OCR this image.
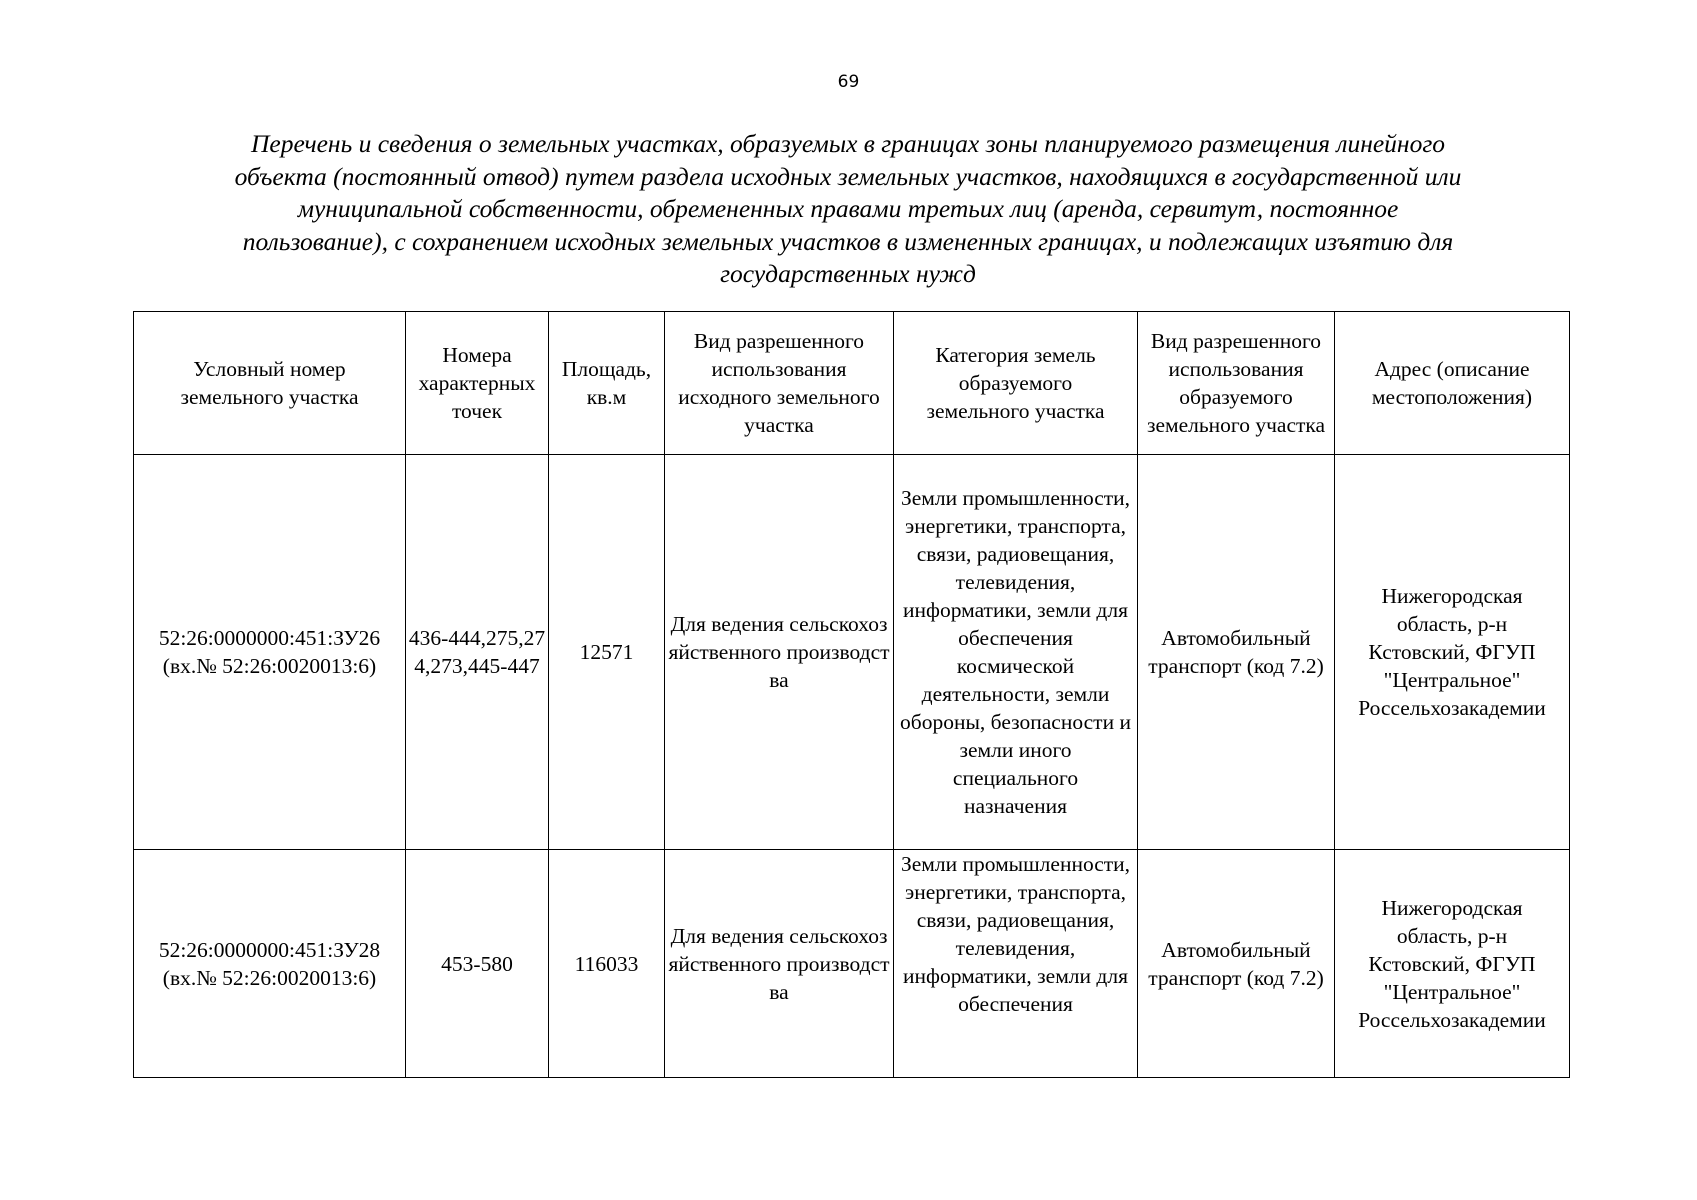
69
Перечень и сведения о земельных участках, образуемых в границах зоны планируемого размещения линейного
объекта (постоянный отвод) путем раздела исходных земельных участков, находящихся в государственной или
муниципальной собственности, обремененных правами третьих лиц (аренда, сервитут, постоянное
пользование), с сохранением исходных земельных участков в измененных границах, и подлежащих изъятию для
государственных нужд
Условный номер земельного участка	Номера характерных точек	Площадь, кв.м	Вид разрешенного использования исходного земельного участка	Категория земель образуемого земельного участка	Вид разрешенного использования образуемого земельного участка	Адрес (описание местоположения)

52:26:0000000:451:ЗУ26
(вх.№ 52:26:0020013:6)	436-444,275,274,273,445-447	12571	Для ведения сельскохозяйственного производства	Земли промышленности, энергетики, транспорта, связи, радиовещания, телевидения, информатики, земли для обеспечения космической деятельности, земли обороны, безопасности и земли иного специального назначения	Автомобильный транспорт (код 7.2)	Нижегородская область, р-н Кстовский, ФГУП "Центральное" Россельхозакадемии

52:26:0000000:451:ЗУ28
(вх.№ 52:26:0020013:6)	453-580	116033	Для ведения сельскохозяйственного производства	Земли промышленности, энергетики, транспорта, связи, радиовещания, телевидения, информатики, земли для обеспечения	Автомобильный транспорт (код 7.2)	Нижегородская область, р-н Кстовский, ФГУП "Центральное" Россельхозакадемии
